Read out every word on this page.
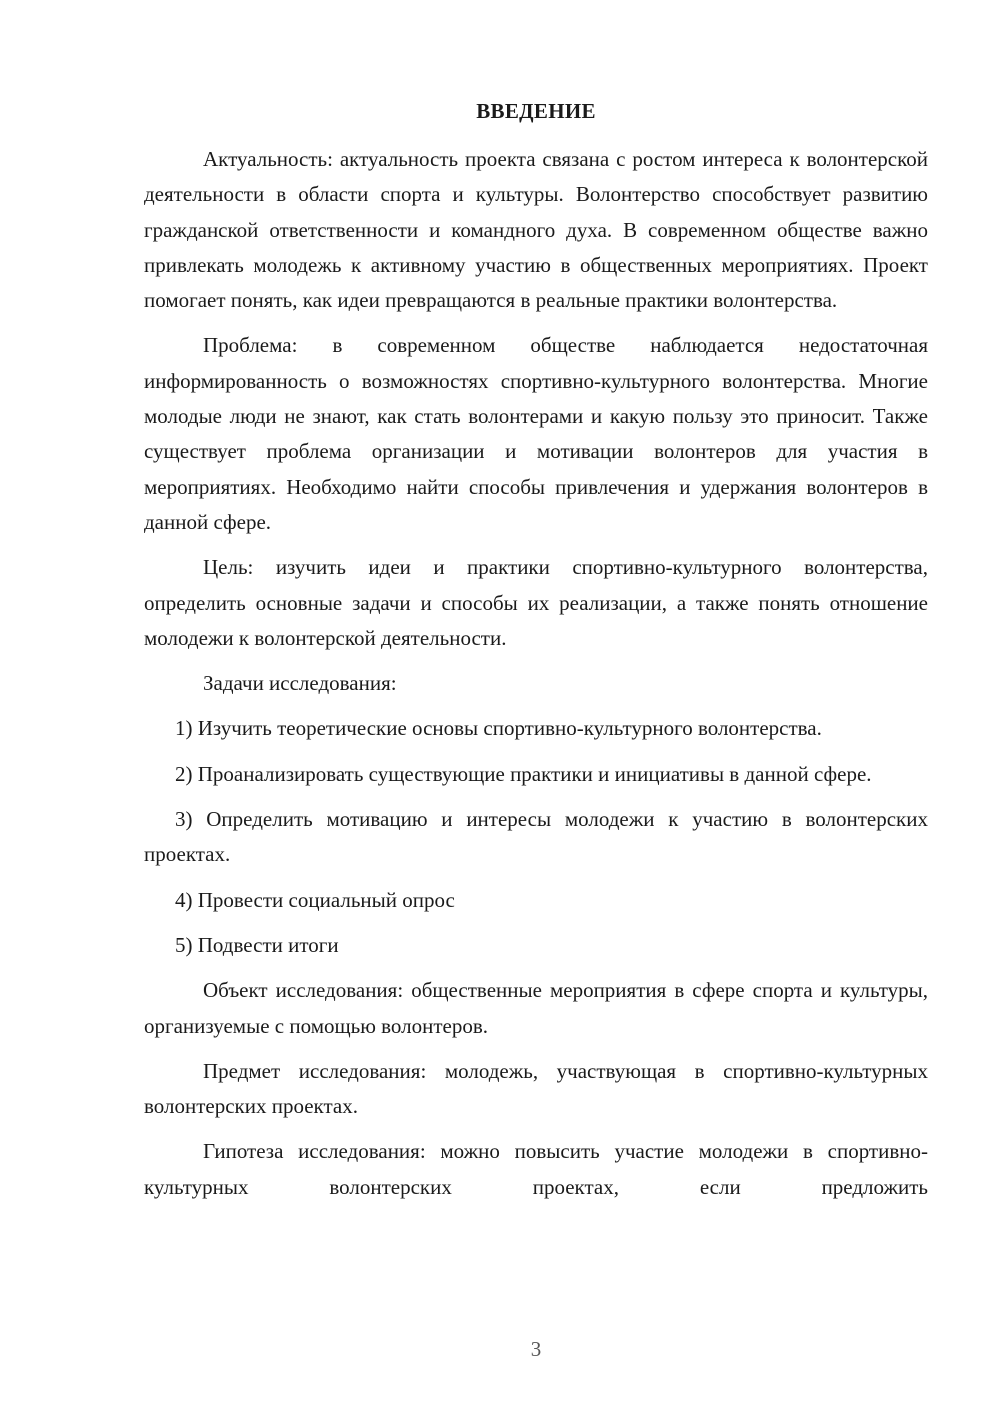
ВВЕДЕНИЕ

Актуальность: актуальность проекта связана с ростом интереса к волонтерской деятельности в области спорта и культуры. Волонтерство способствует развитию гражданской ответственности и командного духа. В современном обществе важно привлекать молодежь к активному участию в общественных мероприятиях. Проект помогает понять, как идеи превращаются в реальные практики волонтерства.

Проблема: в современном обществе наблюдается недостаточная информированность о возможностях спортивно-культурного волонтерства. Многие молодые люди не знают, как стать волонтерами и какую пользу это приносит. Также существует проблема организации и мотивации волонтеров для участия в мероприятиях. Необходимо найти способы привлечения и удержания волонтеров в данной сфере.

Цель: изучить идеи и практики спортивно-культурного волонтерства, определить основные задачи и способы их реализации, а также понять отношение молодежи к волонтерской деятельности.

Задачи исследования:

1) Изучить теоретические основы спортивно-культурного волонтерства.

2) Проанализировать существующие практики и инициативы в данной сфере.

3) Определить мотивацию и интересы молодежи к участию в волонтерских проектах.

4) Провести социальный опрос

5) Подвести итоги

Объект исследования: общественные мероприятия в сфере спорта и культуры, организуемые с помощью волонтеров.

Предмет исследования: молодежь, участвующая в спортивно-культурных волонтерских проектах.

Гипотеза исследования: можно повысить участие молодежи в спортивно-культурных волонтерских проектах, если предложить

3
